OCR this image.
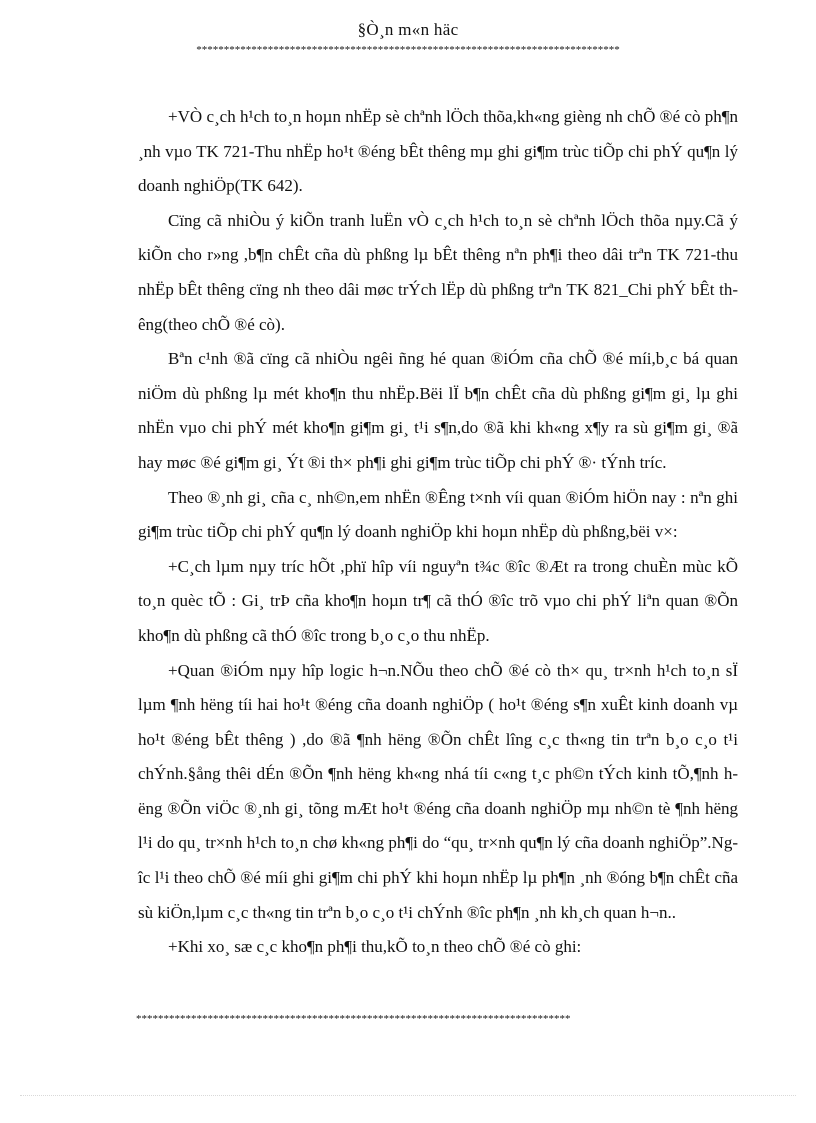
§Ò¸n m«n häc
*****************************************************************************

+VÒ c¸ch h¹ch to¸n hoµn nhËp sè chªnh lÖch thõa,kh«ng gièng nh chÕ ®é cò ph¶n ¸nh vµo TK 721-Thu nhËp ho¹t ®éng bÊt thêng mµ ghi gi¶m trùc tiÕp chi phÝ qu¶n lý doanh nghiÖp(TK 642).

Cïng cã nhiÒu ý kiÕn tranh luËn vÒ c¸ch h¹ch to¸n sè chªnh lÖch thõa nµy.Cã ý kiÕn cho r»ng ,b¶n chÊt cña dù phßng lµ bÊt thêng nªn ph¶i theo dâi trªn TK 721-thu nhËp bÊt thêng cïng nh theo dâi møc trÝch lËp dù phßng trªn TK 821_Chi phÝ bÊt thêng(theo chÕ ®é cò).

Bªn c¹nh ®ã cïng cã nhiÒu ngêi ñng hé quan ®iÓm cña chÕ ®é míi,b¸c bá quan niÖm dù phßng lµ mét kho¶n thu nhËp.Bëi lÏ b¶n chÊt cña dù phßng gi¶m gi¸ lµ ghi nhËn vµo chi phÝ mét kho¶n gi¶m gi¸ t¹i s¶n,do ®ã khi kh«ng x¶y ra sù gi¶m gi¸ ®ã hay møc ®é gi¶m gi¸ Ýt ®i th× ph¶i ghi gi¶m trùc tiÕp chi phÝ ®· tÝnh tríc.

Theo ®¸nh gi¸ cña c¸ nh©n,em nhËn ®Êng t×nh víi quan ®iÓm hiÖn nay : nªn ghi gi¶m trùc tiÕp chi phÝ qu¶n lý doanh nghiÖp khi hoµn nhËp dù phßng,bëi v×:

+C¸ch lµm nµy tríc hÕt ,phï hîp víi nguyªn t¾c ®îc ®Æt ra trong chuÈn mùc kÕ to¸n quèc tÕ : Gi¸ trÞ cña kho¶n hoµn tr¶ cã thÓ ®îc trõ vµo chi phÝ liªn quan ®Õn kho¶n dù phßng cã thÓ ®îc trong b¸o c¸o thu nhËp.

+Quan ®iÓm nµy hîp logic h¬n.NÕu theo chÕ ®é cò th× qu¸ tr×nh h¹ch to¸n sÏ lµm ¶nh hëng tíi hai ho¹t ®éng cña doanh nghiÖp ( ho¹t ®éng s¶n xuÊt kinh doanh vµ ho¹t ®éng bÊt thêng ) ,do ®ã ¶nh hëng ®Õn chÊt lîng c¸c th«ng tin trªn b¸o c¸o t¹i chÝnh.§ång thêi dÉn ®Õn ¶nh hëng kh«ng nhá tíi c«ng t¸c ph©n tÝch kinh tÕ,¶nh hëng ®Õn viÖc ®¸nh gi¸ tõng mÆt ho¹t ®éng cña doanh nghiÖp mµ nh©n tè ¶nh hëng l¹i do qu¸ tr×nh h¹ch to¸n chø kh«ng ph¶i do “qu¸ tr×nh qu¶n lý cña doanh nghiÖp”.Ngîc l¹i theo chÕ ®é míi ghi gi¶m chi phÝ khi hoµn nhËp lµ ph¶n ¸nh ®óng b¶n chÊt cña sù kiÖn,lµm c¸c th«ng tin trªn b¸o c¸o t¹i chÝnh ®îc ph¶n ¸nh kh¸ch quan h¬n..

+Khi xo¸ sæ c¸c kho¶n ph¶i thu,kÕ to¸n theo chÕ ®é cò ghi:

*******************************************************************************
